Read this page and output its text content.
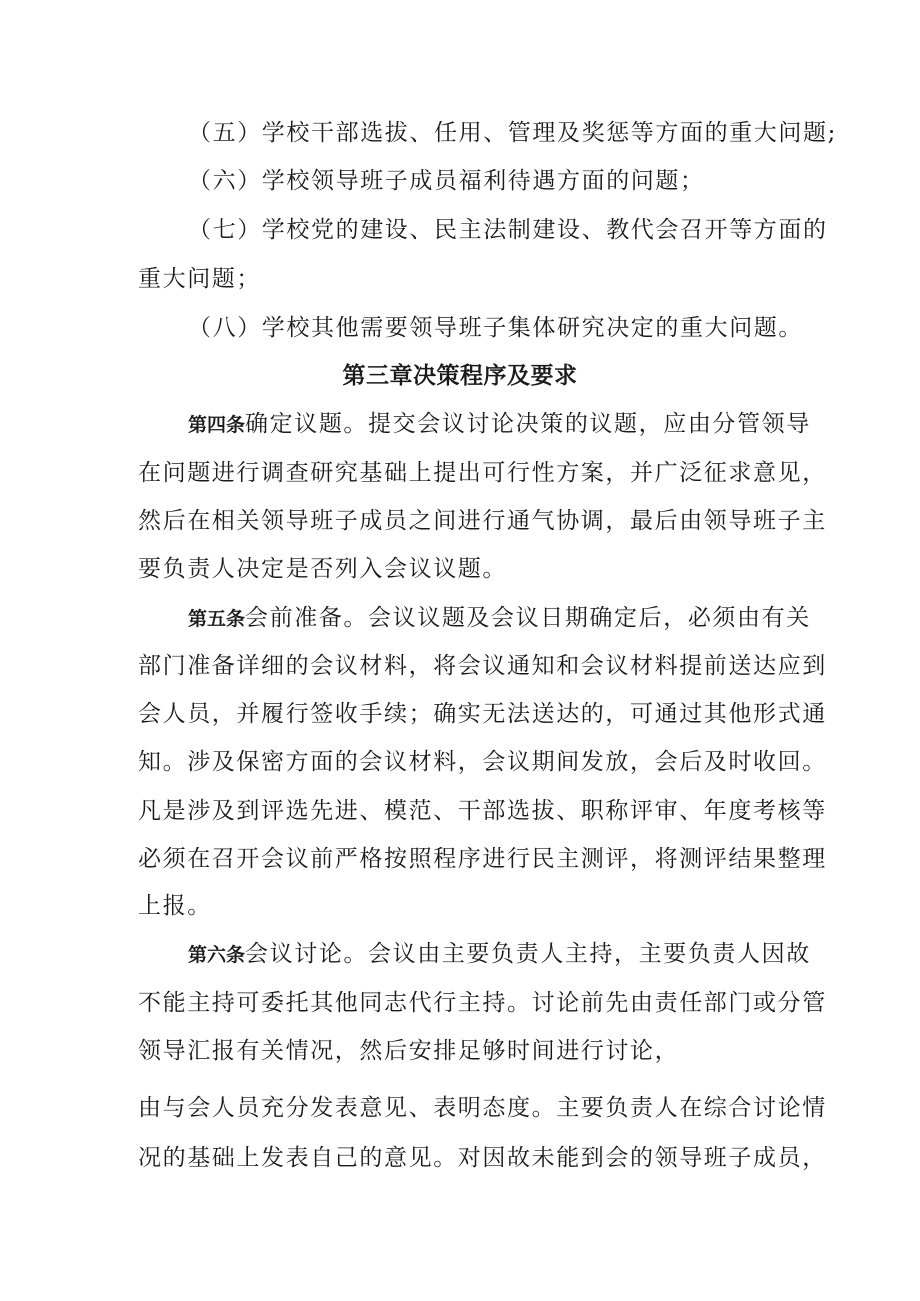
（五）学校干部选拔、任用、管理及奖惩等方面的重大问题;
（六）学校领导班子成员福利待遇方面的问题；
（七）学校党的建设、民主法制建设、教代会召开等方面的
重大问题；
（八）学校其他需要领导班子集体研究决定的重大问题。
第三章决策程序及要求
第四条确定议题。提交会议讨论决策的议题，应由分管领导
在问题进行调查研究基础上提出可行性方案，并广泛征求意见，
然后在相关领导班子成员之间进行通气协调，最后由领导班子主
要负责人决定是否列入会议议题。
第五条会前准备。会议议题及会议日期确定后，必须由有关
部门准备详细的会议材料，将会议通知和会议材料提前送达应到
会人员，并履行签收手续；确实无法送达的，可通过其他形式通
知。涉及保密方面的会议材料，会议期间发放，会后及时收回。
凡是涉及到评选先进、模范、干部选拔、职称评审、年度考核等
必须在召开会议前严格按照程序进行民主测评，将测评结果整理
上报。
第六条会议讨论。会议由主要负责人主持，主要负责人因故
不能主持可委托其他同志代行主持。讨论前先由责任部门或分管
领导汇报有关情况，然后安排足够时间进行讨论，
由与会人员充分发表意见、表明态度。主要负责人在综合讨论情
况的基础上发表自己的意见。对因故未能到会的领导班子成员，
